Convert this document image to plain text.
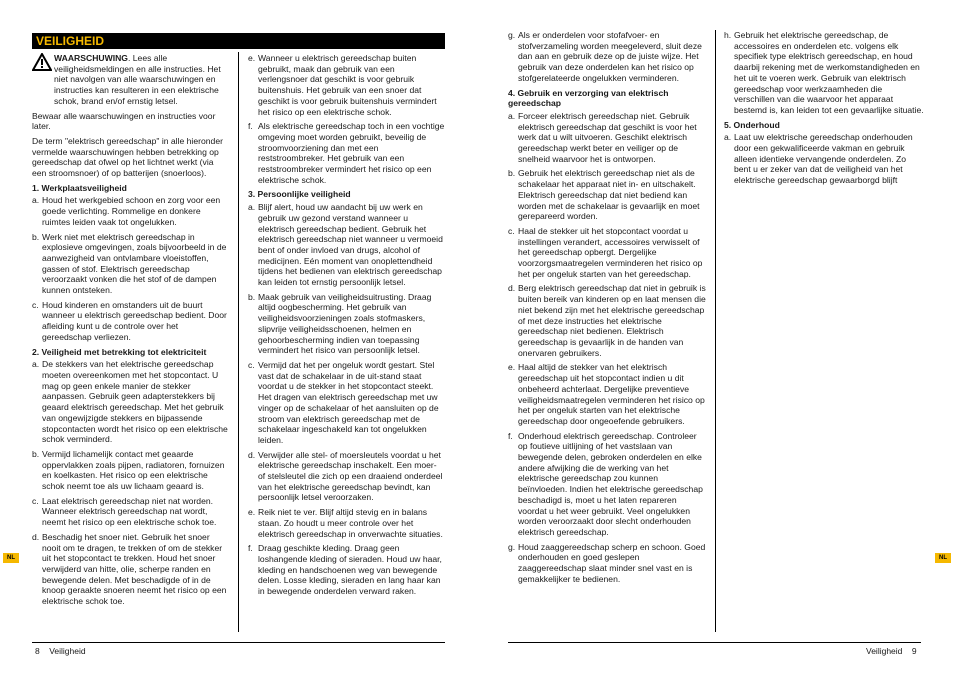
VEILIGHEID
NL	NL
8 Veiligheid	Veiligheid 9
WAARSCHUWING. Lees alle veiligheidsmeldingen en alle instructies. Het niet navolgen van alle waarschuwingen en instructies kan resulteren in een elektrische schok, brand en/of ernstig letsel.

Bewaar alle waarschuwingen en instructies voor later.

De term "elektrisch gereedschap" in alle hieronder vermelde waarschuwingen hebben betrekking op gereedschap dat ofwel op het lichtnet werkt (via een stroomsnoer) of op batterijen (snoerloos).

1. Werkplaatsveiligheid
a. Houd het werkgebied schoon en zorg voor een goede verlichting. Rommelige en donkere ruimtes leiden vaak tot ongelukken.
b. Werk niet met elektrisch gereedschap in explosieve omgevingen, zoals bijvoorbeeld in de aanwezigheid van ontvlambare vloeistoffen, gassen of stof. Elektrisch gereedschap veroorzaakt vonken die het stof of de dampen kunnen ontsteken.
c. Houd kinderen en omstanders uit de buurt wanneer u elektrisch gereedschap bedient. Door afleiding kunt u de controle over het gereedschap verliezen.
2. Veiligheid met betrekking tot elektriciteit
a. De stekkers van het elektrische gereedschap moeten overeenkomen met het stopcontact. U mag op geen enkele manier de stekker aanpassen. Gebruik geen adapterstekkers bij geaard elektrisch gereedschap. Met het gebruik van ongewijzigde stekkers en bijpassende stopcontacten wordt het risico op een elektrische schok verminderd.
b. Vermijd lichamelijk contact met geaarde oppervlakken zoals pijpen, radiatoren, fornuizen en koelkasten. Het risico op een elektrische schok neemt toe als uw lichaam geaard is.
c. Laat elektrisch gereedschap niet nat worden. Wanneer elektrisch gereedschap nat wordt, neemt het risico op een elektrische schok toe.
d. Beschadig het snoer niet. Gebruik het snoer nooit om te dragen, te trekken of om de stekker uit het stopcontact te trekken. Houd het snoer verwijderd van hitte, olie, scherpe randen en bewegende delen. Met beschadigde of in de knoop geraakte snoeren neemt het risico op een elektrische schok toe.
e. Wanneer u elektrisch gereedschap buiten gebruikt, maak dan gebruik van een verlengsnoer dat geschikt is voor gebruik buitenshuis. Het gebruik van een snoer dat geschikt is voor gebruik buitenshuis vermindert het risico op een elektrische schok.
f. Als elektrische gereedschap toch in een vochtige omgeving moet worden gebruikt, beveilig de stroomvoorziening dan met een reststroombreker. Het gebruik van een reststroombreker vermindert het risico op een elektrische schok.
3. Persoonlijke veiligheid
a. Blijf alert, houd uw aandacht bij uw werk en gebruik uw gezond verstand wanneer u elektrisch gereedschap bedient. Gebruik het elektrisch gereedschap niet wanneer u vermoeid bent of onder invloed van drugs, alcohol of medicijnen. Eén moment van onoplettendheid tijdens het bedienen van elektrisch gereedschap kan leiden tot ernstig persoonlijk letsel.
b. Maak gebruik van veiligheidsuitrusting. Draag altijd oogbescherming. Het gebruik van veiligheidsvoorzieningen zoals stofmaskers, slipvrije veiligheidsschoenen, helmen en gehoorbescherming indien van toepassing vermindert het risico van persoonlijk letsel.
c. Vermijd dat het per ongeluk wordt gestart. Stel vast dat de schakelaar in de uit-stand staat voordat u de stekker in het stopcontact steekt. Het dragen van elektrisch gereedschap met uw vinger op de schakelaar of het aansluiten op de stroom van elektrisch gereedschap met de schakelaar ingeschakeld kan tot ongelukken leiden.
d. Verwijder alle stel- of moersleutels voordat u het elektrische gereedschap inschakelt. Een moer- of stelsleutel die zich op een draaiend onderdeel van het elektrische gereedschap bevindt, kan persoonlijk letsel veroorzaken.
e. Reik niet te ver. Blijf altijd stevig en in balans staan. Zo houdt u meer controle over het elektrisch gereedschap in onverwachte situaties.
f. Draag geschikte kleding. Draag geen loshangende kleding of sieraden. Houd uw haar, kleding en handschoenen weg van bewegende delen. Losse kleding, sieraden en lang haar kan in bewegende onderdelen verward raken.
g. Als er onderdelen voor stofafvoer- en stofverzameling worden meegeleverd, sluit deze dan aan en gebruik deze op de juiste wijze. Het gebruik van deze onderdelen kan het risico op stofgerelateerde ongelukken verminderen.
4. Gebruik en verzorging van elektrisch gereedschap
a. Forceer elektrisch gereedschap niet. Gebruik elektrisch gereedschap dat geschikt is voor het werk dat u wilt uitvoeren. Geschikt elektrisch gereedschap werkt beter en veiliger op de snelheid waarvoor het is ontworpen.
b. Gebruik het elektrisch gereedschap niet als de schakelaar het apparaat niet in- en uitschakelt. Elektrisch gereedschap dat niet bediend kan worden met de schakelaar is gevaarlijk en moet gerepareerd worden.
c. Haal de stekker uit het stopcontact voordat u instellingen verandert, accessoires verwisselt of het gereedschap opbergt. Dergelijke voorzorgsmaatregelen verminderen het risico op het per ongeluk starten van het gereedschap.
d. Berg elektrisch gereedschap dat niet in gebruik is buiten bereik van kinderen op en laat mensen die niet bekend zijn met het elektrische gereedschap of met deze instructies het elektrische gereedschap niet bedienen. Elektrisch gereedschap is gevaarlijk in de handen van onervaren gebruikers.
e. Haal altijd de stekker van het elektrisch gereedschap uit het stopcontact indien u dit onbeheerd achterlaat. Dergelijke preventieve veiligheidsmaatregelen verminderen het risico op het per ongeluk starten van het elektrische gereedschap door ongeoefende gebruikers.
f. Onderhoud elektrisch gereedschap. Controleer op foutieve uitlijning of het vastslaan van bewegende delen, gebroken onderdelen en elke andere afwijking die de werking van het elektrische gereedschap zou kunnen beïnvloeden. Indien het elektrische gereedschap beschadigd is, moet u het laten repareren voordat u het weer gebruikt. Veel ongelukken worden veroorzaakt door slecht onderhouden elektrisch gereedschap.
g. Houd zaaggereedschap scherp en schoon. Goed onderhouden en goed geslepen zaaggereedschap slaat minder snel vast en is gemakkelijker te bedienen.
h. Gebruik het elektrische gereedschap, de accessoires en onderdelen etc. volgens elk specifiek type elektrisch gereedschap, en houd daarbij rekening met de werkomstandigheden en het uit te voeren werk. Gebruik van elektrisch gereedschap voor werkzaamheden die verschillen van die waarvoor het apparaat bestemd is, kan leiden tot een gevaarlijke situatie.
5. Onderhoud
a. Laat uw elektrische gereedschap onderhouden door een gekwalificeerde vakman en gebruik alleen identieke vervangende onderdelen. Zo bent u er zeker van dat de veiligheid van het elektrische gereedschap gewaarborgd blijft
